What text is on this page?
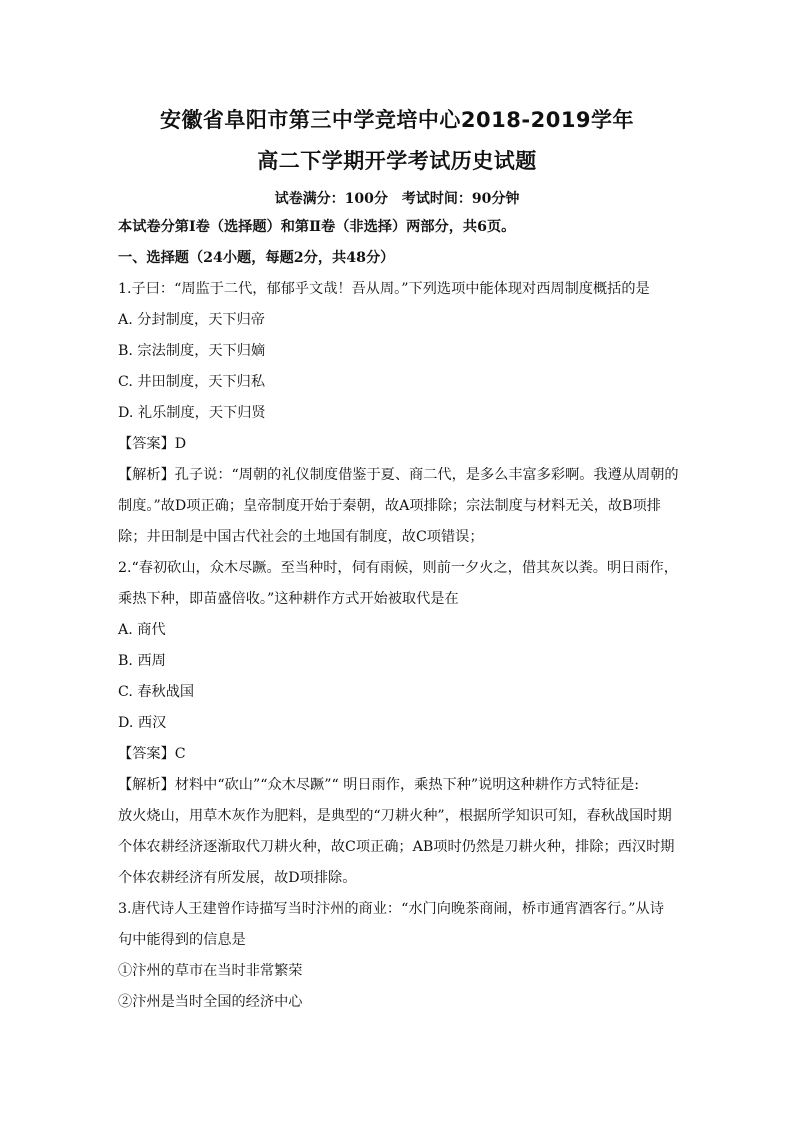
安徽省阜阳市第三中学竞培中心2018-2019学年
高二下学期开学考试历史试题
试卷满分：100分　考试时间：90分钟
本试卷分第Ⅰ卷（选择题）和第Ⅱ卷（非选择）两部分，共6页。
一、选择题（24小题，每题2分，共48分）
1.子曰：“周监于二代，郁郁乎文哉！吾从周。”下列选项中能体现对西周制度概括的是
A. 分封制度，天下归帝
B. 宗法制度，天下归嫡
C. 井田制度，天下归私
D. 礼乐制度，天下归贤
【答案】D
【解析】孔子说：“周朝的礼仪制度借鉴于夏、商二代，是多么丰富多彩啊。我遵从周朝的
制度。”故D项正确；皇帝制度开始于秦朝，故A项排除；宗法制度与材料无关，故B项排
除；井田制是中国古代社会的土地国有制度，故C项错误；
2.“春初砍山，众木尽蹶。至当种时，伺有雨候，则前一夕火之，借其灰以粪。明日雨作，
乘热下种，即苗盛倍收。”这种耕作方式开始被取代是在
A. 商代
B. 西周
C. 春秋战国
D. 西汉
【答案】C
【解析】材料中“砍山”“众木尽蹶”“ 明日雨作，乘热下种”说明这种耕作方式特征是:
放火烧山，用草木灰作为肥料，是典型的“刀耕火种”，根据所学知识可知，春秋战国时期
个体农耕经济逐渐取代刀耕火种，故C项正确；AB项时仍然是刀耕火种，排除；西汉时期
个体农耕经济有所发展，故D项排除。
3.唐代诗人王建曾作诗描写当时汴州的商业：“水门向晚茶商闹，桥市通宵酒客行。”从诗
句中能得到的信息是
①汴州的草市在当时非常繁荣
②汴州是当时全国的经济中心
